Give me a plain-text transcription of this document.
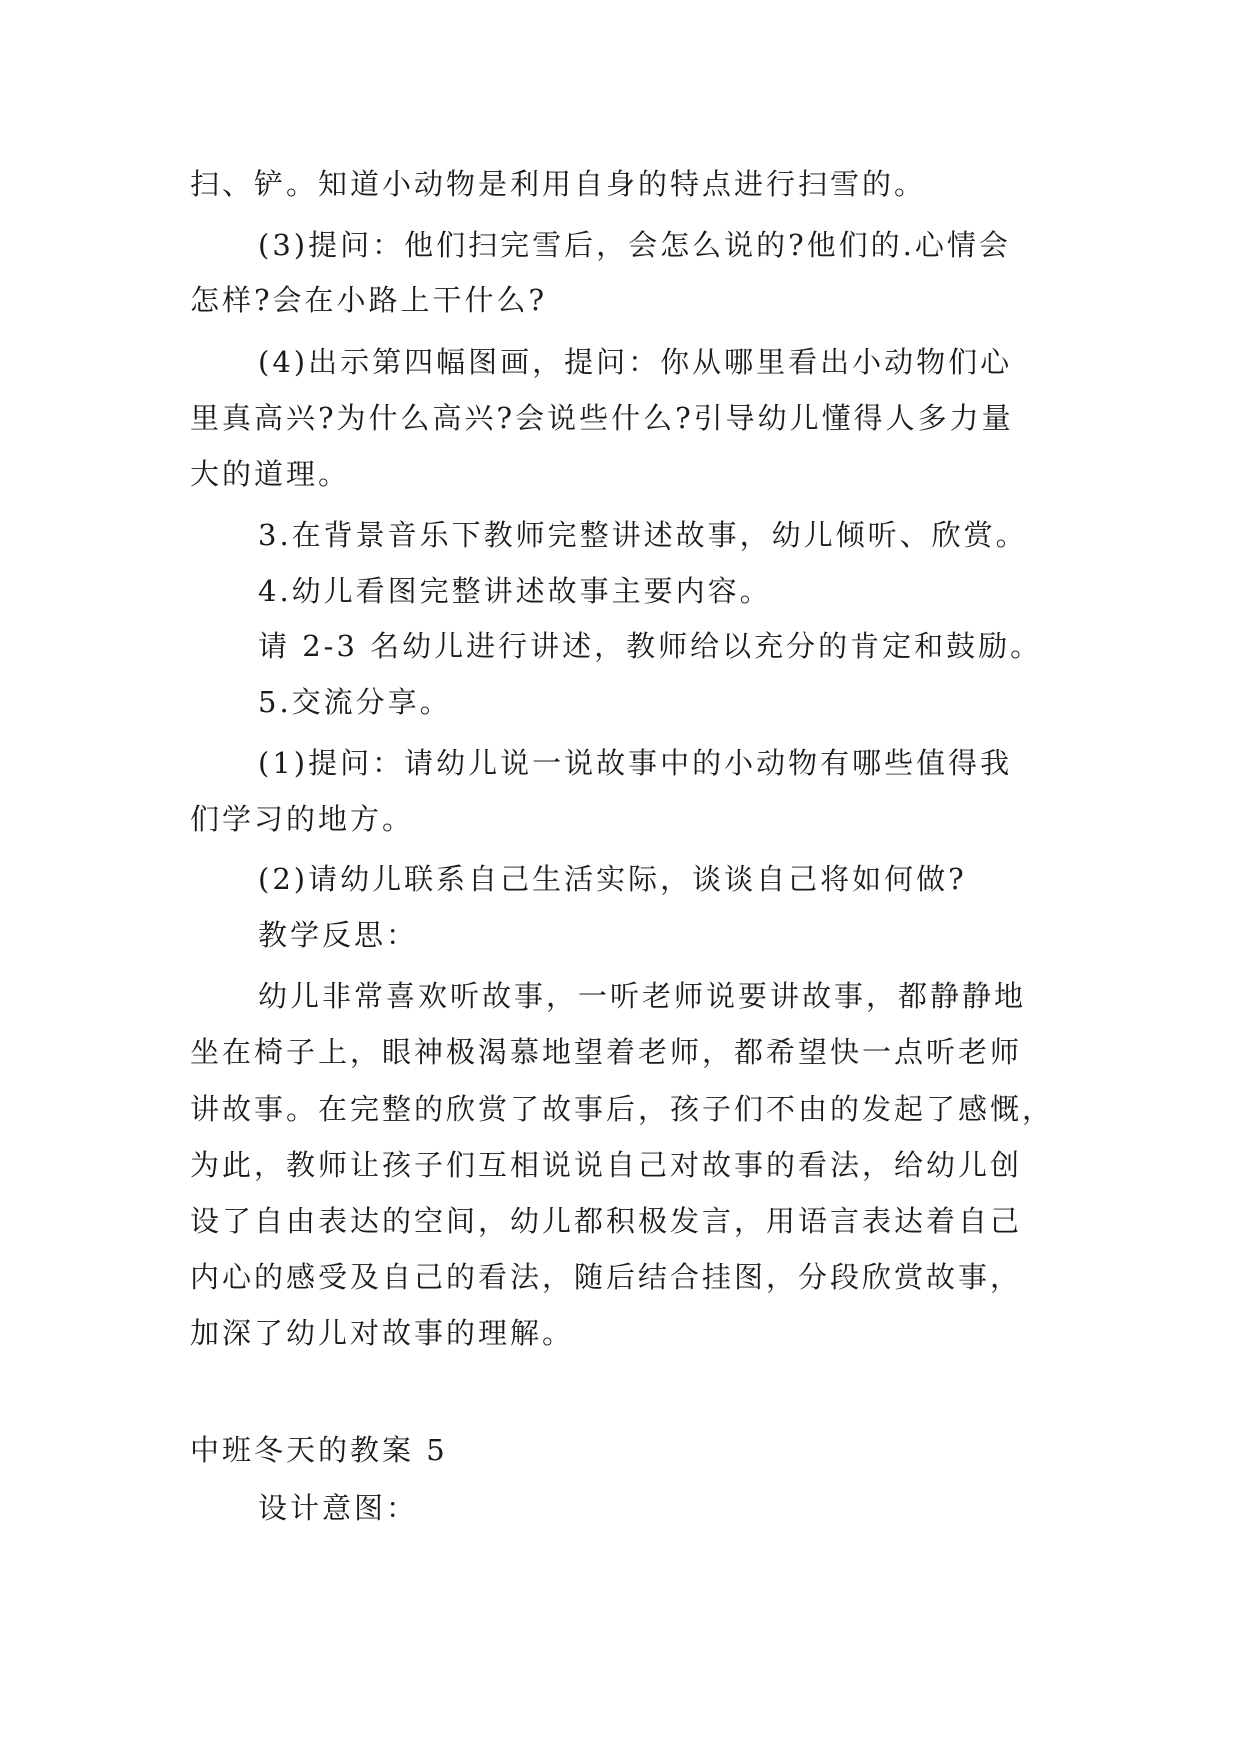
扫、铲。知道小动物是利用自身的特点进行扫雪的。
(3)提问：他们扫完雪后，会怎么说的?他们的.心情会
怎样?会在小路上干什么?
(4)出示第四幅图画，提问：你从哪里看出小动物们心
里真高兴?为什么高兴?会说些什么?引导幼儿懂得人多力量
大的道理。
3.在背景音乐下教师完整讲述故事，幼儿倾听、欣赏。
4.幼儿看图完整讲述故事主要内容。
请 2-3 名幼儿进行讲述，教师给以充分的肯定和鼓励。
5.交流分享。
(1)提问：请幼儿说一说故事中的小动物有哪些值得我
们学习的地方。
(2)请幼儿联系自己生活实际，谈谈自己将如何做?
教学反思：
幼儿非常喜欢听故事，一听老师说要讲故事，都静静地
坐在椅子上，眼神极渴慕地望着老师，都希望快一点听老师
讲故事。在完整的欣赏了故事后，孩子们不由的发起了感慨，
为此，教师让孩子们互相说说自己对故事的看法，给幼儿创
设了自由表达的空间，幼儿都积极发言，用语言表达着自己
内心的感受及自己的看法，随后结合挂图，分段欣赏故事，
加深了幼儿对故事的理解。
中班冬天的教案 5
设计意图：
